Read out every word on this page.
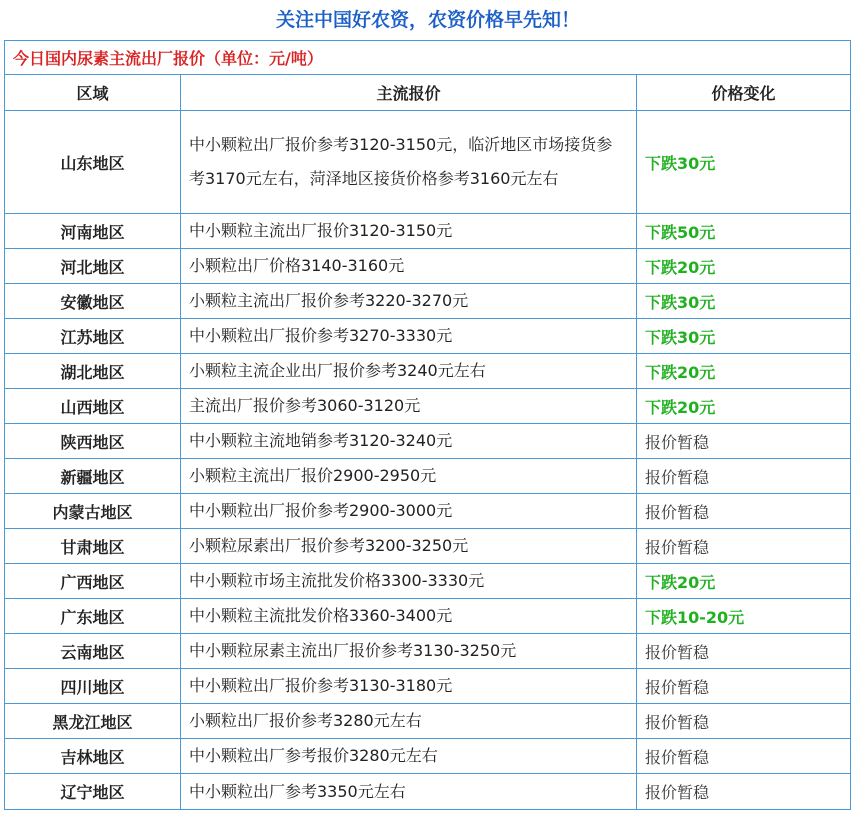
关注中国好农资，农资价格早先知！
今日国内尿素主流出厂报价（单位：元/吨）		
区域	主流报价	价格变化
山东地区	中小颗粒出厂报价参考3120-3150元，临沂地区市场接货参考3170元左右，菏泽地区接货价格参考3160元左右	下跌30元
河南地区	中小颗粒主流出厂报价3120-3150元	下跌50元
河北地区	小颗粒出厂价格3140-3160元	下跌20元
安徽地区	小颗粒主流出厂报价参考3220-3270元	下跌30元
江苏地区	中小颗粒出厂报价参考3270-3330元	下跌30元
湖北地区	小颗粒主流企业出厂报价参考3240元左右	下跌20元
山西地区	主流出厂报价参考3060-3120元	下跌20元
陕西地区	中小颗粒主流地销参考3120-3240元	报价暂稳
新疆地区	小颗粒主流出厂报价2900-2950元	报价暂稳
内蒙古地区	中小颗粒出厂报价参考2900-3000元	报价暂稳
甘肃地区	小颗粒尿素出厂报价参考3200-3250元	报价暂稳
广西地区	中小颗粒市场主流批发价格3300-3330元	下跌20元
广东地区	中小颗粒主流批发价格3360-3400元	下跌10-20元
云南地区	中小颗粒尿素主流出厂报价参考3130-3250元	报价暂稳
四川地区	中小颗粒出厂报价参考3130-3180元	报价暂稳
黑龙江地区	小颗粒出厂报价参考3280元左右	报价暂稳
吉林地区	中小颗粒出厂参考报价3280元左右	报价暂稳
辽宁地区	中小颗粒出厂参考3350元左右	报价暂稳
